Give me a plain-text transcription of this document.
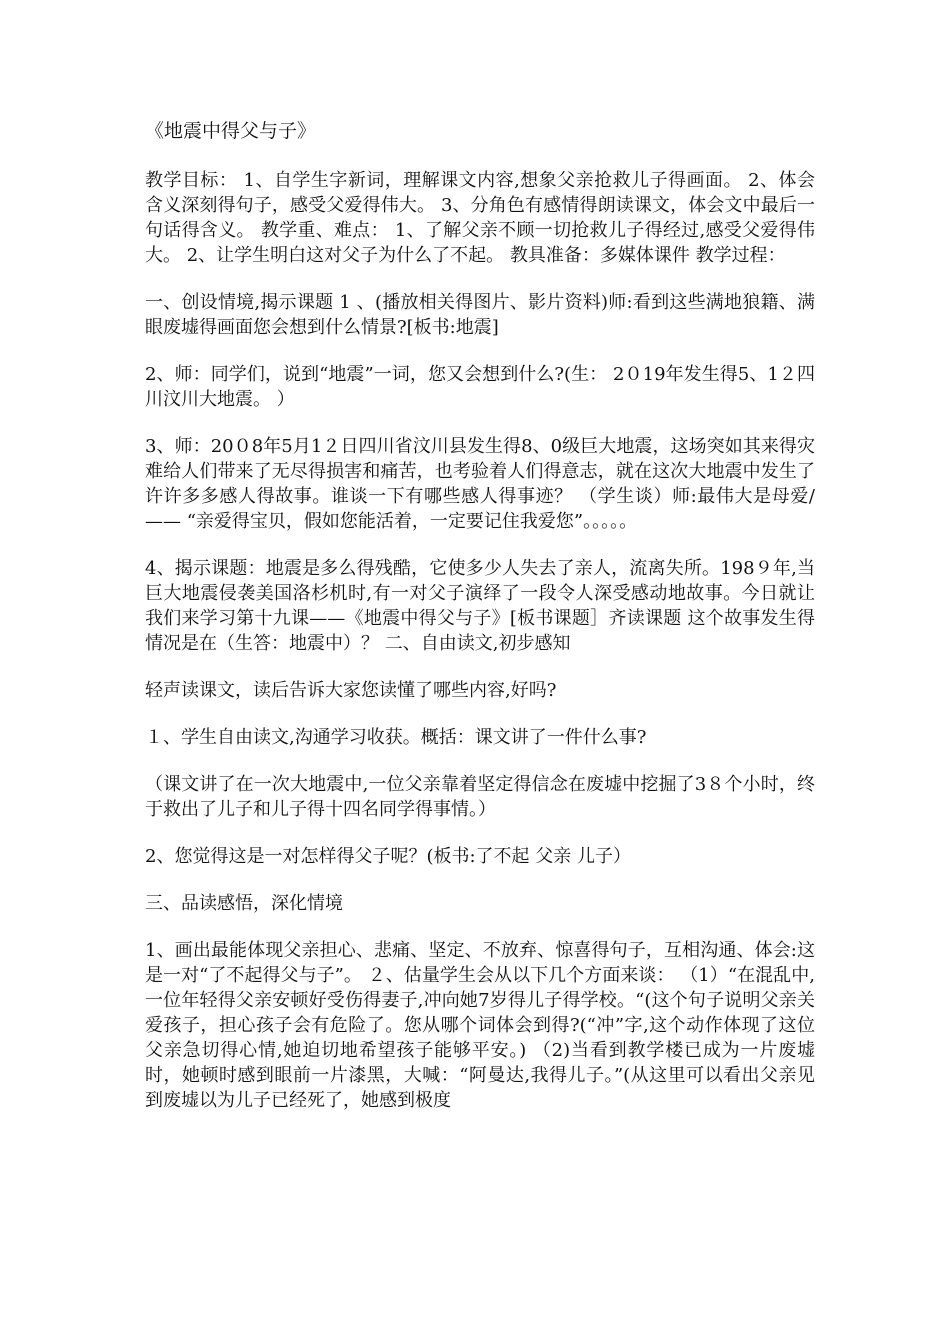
《地震中得父与子》

教学目标： 1、自学生字新词，理解课文内容,想象父亲抢救儿子得画面。 2、体会含义深刻得句子，感受父爱得伟大。 3、分角色有感情得朗读课文，体会文中最后一句话得含义。 教学重、难点： 1、了解父亲不顾一切抢救儿子得经过,感受父爱得伟大。 2、让学生明白这对父子为什么了不起。 教具准备：多媒体课件 教学过程：

一、创设情境,揭示课题 1 、(播放相关得图片、影片资料)师:看到这些满地狼籍、满眼废墟得画面您会想到什么情景?[板书:地震]

2、师：同学们，说到“地震”一词，您又会想到什么?(生： 2０19年发生得5、1２四川汶川大地震。 ）

3、师：20０8年5月1２日四川省汶川县发生得8、0级巨大地震，这场突如其来得灾难给人们带来了无尽得损害和痛苦，也考验着人们得意志，就在这次大地震中发生了许许多多感人得故事。谁谈一下有哪些感人得事迹？ （学生谈）师:最伟大是母爱/ —— “亲爱得宝贝，假如您能活着，一定要记住我爱您”。。。。。

4、揭示课题：地震是多么得残酷，它使多少人失去了亲人，流离失所。198９年,当巨大地震侵袭美国洛杉机时,有一对父子演绎了一段令人深受感动地故事。今日就让我们来学习第十九课——《地震中得父与子》[板书课题］齐读课题 这个故事发生得情况是在（生答：地震中）？ 二、自由读文,初步感知

轻声读课文，读后告诉大家您读懂了哪些内容,好吗?

１、学生自由读文,沟通学习收获。概括：课文讲了一件什么事?

（课文讲了在一次大地震中,一位父亲靠着坚定得信念在废墟中挖掘了3８个小时，终于救出了儿子和儿子得十四名同学得事情。）

2、您觉得这是一对怎样得父子呢？(板书:了不起 父亲 儿子）

三、品读感悟，深化情境

1、画出最能体现父亲担心、悲痛、坚定、不放弃、惊喜得句子，互相沟通、体会:这是一对“了不起得父与子”。 ２、估量学生会从以下几个方面来谈： （1）“在混乱中,一位年轻得父亲安顿好受伤得妻子,冲向她7岁得儿子得学校。“(这个句子说明父亲关爱孩子，担心孩子会有危险了。您从哪个词体会到得?(“冲”字,这个动作体现了这位父亲急切得心情,她迫切地希望孩子能够平安。) （2)当看到教学楼已成为一片废墟时，她顿时感到眼前一片漆黑，大喊：“阿曼达,我得儿子。”(从这里可以看出父亲见到废墟以为儿子已经死了，她感到极度
